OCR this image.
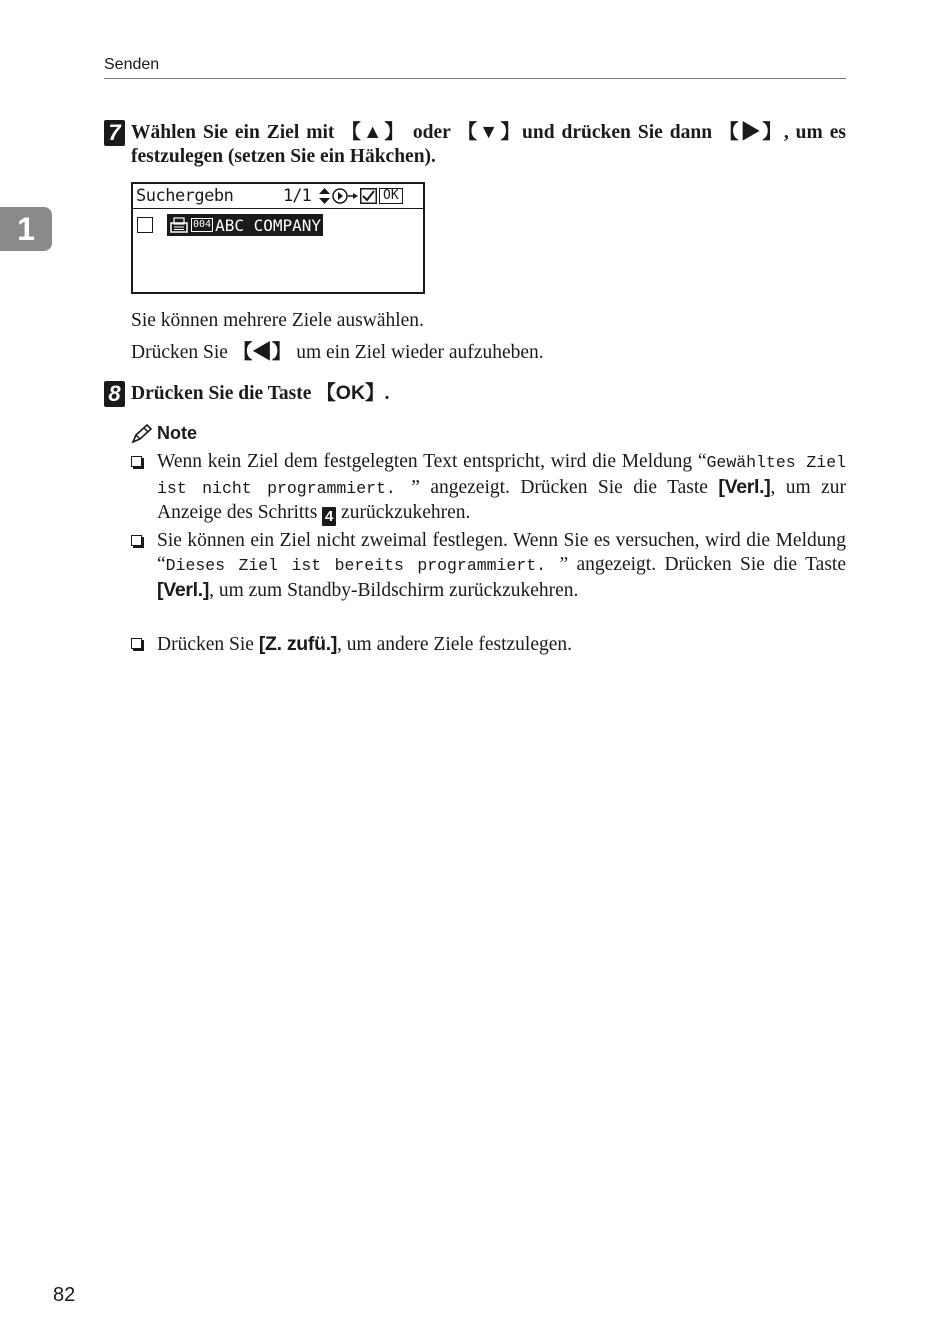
Senden
1
7 Wählen Sie ein Ziel mit 【▲】 oder 【▼】und drücken Sie dann 【▶】, um es festzulegen (setzen Sie ein Häkchen).
Suchergebn	1/1	OK
004 ABC COMPANY
Sie können mehrere Ziele auswählen.
Drücken Sie 【◀】 um ein Ziel wieder aufzuheben.
8 Drücken Sie die Taste 【OK】.
Note
Wenn kein Ziel dem festgelegten Text entspricht, wird die Meldung “Gewähltes Ziel ist nicht programmiert. ” angezeigt. Drücken Sie die Taste [Verl.], um zur Anzeige des Schritts 4 zurückzukehren.
Sie können ein Ziel nicht zweimal festlegen. Wenn Sie es versuchen, wird die Meldung “Dieses Ziel ist bereits programmiert. ” angezeigt. Drücken Sie die Taste [Verl.], um zum Standby-Bildschirm zurückzukehren.
Drücken Sie [Z. zufü.], um andere Ziele festzulegen.
82
